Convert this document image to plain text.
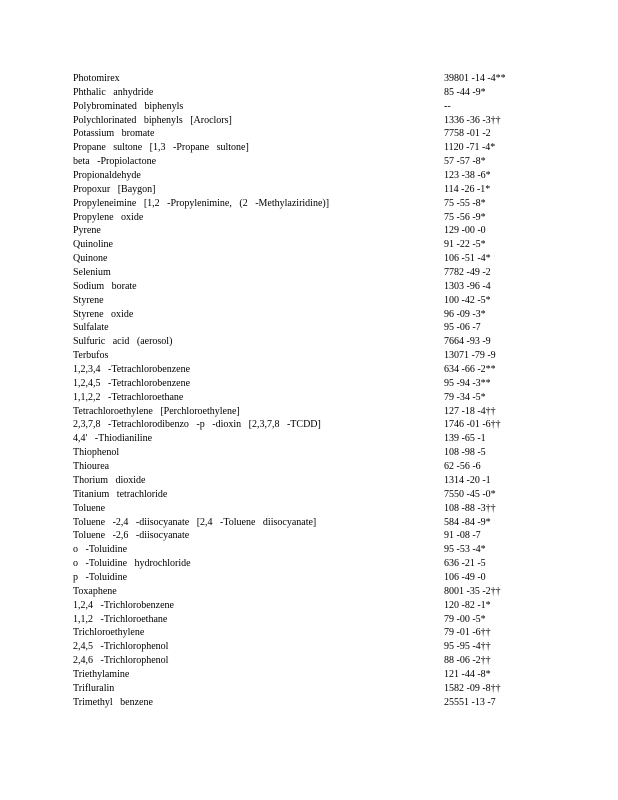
Photomirex	39801 -14 -4**
Phthalic anhydride	85 -44 -9*
Polybrominated biphenyls	--
Polychlorinated biphenyls [Aroclors]	1336 -36 -3††
Potassium bromate	7758 -01 -2
Propane sultone [1,3 -Propane sultone]	1120 -71 -4*
beta -Propiolactone	57 -57 -8*
Propionaldehyde	123 -38 -6*
Propoxur [Baygon]	114 -26 -1*
Propyleneimine [1,2 -Propylenimine, (2 -Methylaziridine)]	75 -55 -8*
Propylene oxide	75 -56 -9*
Pyrene	129 -00 -0
Quinoline	91 -22 -5*
Quinone	106 -51 -4*
Selenium	7782 -49 -2
Sodium borate	1303 -96 -4
Styrene	100 -42 -5*
Styrene oxide	96 -09 -3*
Sulfalate	95 -06 -7
Sulfuric acid (aerosol)	7664 -93 -9
Terbufos	13071 -79 -9
1,2,3,4 -Tetrachlorobenzene	634 -66 -2**
1,2,4,5 -Tetrachlorobenzene	95 -94 -3**
1,1,2,2 -Tetrachloroethane	79 -34 -5*
Tetrachloroethylene [Perchloroethylene]	127 -18 -4††
2,3,7,8 -Tetrachlorodibenzo -p -dioxin [2,3,7,8 -TCDD]	1746 -01 -6††
4,4' -Thiodianiline	139 -65 -1
Thiophenol	108 -98 -5
Thiourea	62 -56 -6
Thorium dioxide	1314 -20 -1
Titanium tetrachloride	7550 -45 -0*
Toluene	108 -88 -3††
Toluene -2,4 -diisocyanate [2,4 -Toluene diisocyanate]	584 -84 -9*
Toluene -2,6 -diisocyanate	91 -08 -7
o -Toluidine	95 -53 -4*
o -Toluidine hydrochloride	636 -21 -5
p -Toluidine	106 -49 -0
Toxaphene	8001 -35 -2††
1,2,4 -Trichlorobenzene	120 -82 -1*
1,1,2 -Trichloroethane	79 -00 -5*
Trichloroethylene	79 -01 -6††
2,4,5 -Trichlorophenol	95 -95 -4††
2,4,6 -Trichlorophenol	88 -06 -2††
Triethylamine	121 -44 -8*
Trifluralin	1582 -09 -8††
Trimethyl benzene	25551 -13 -7
